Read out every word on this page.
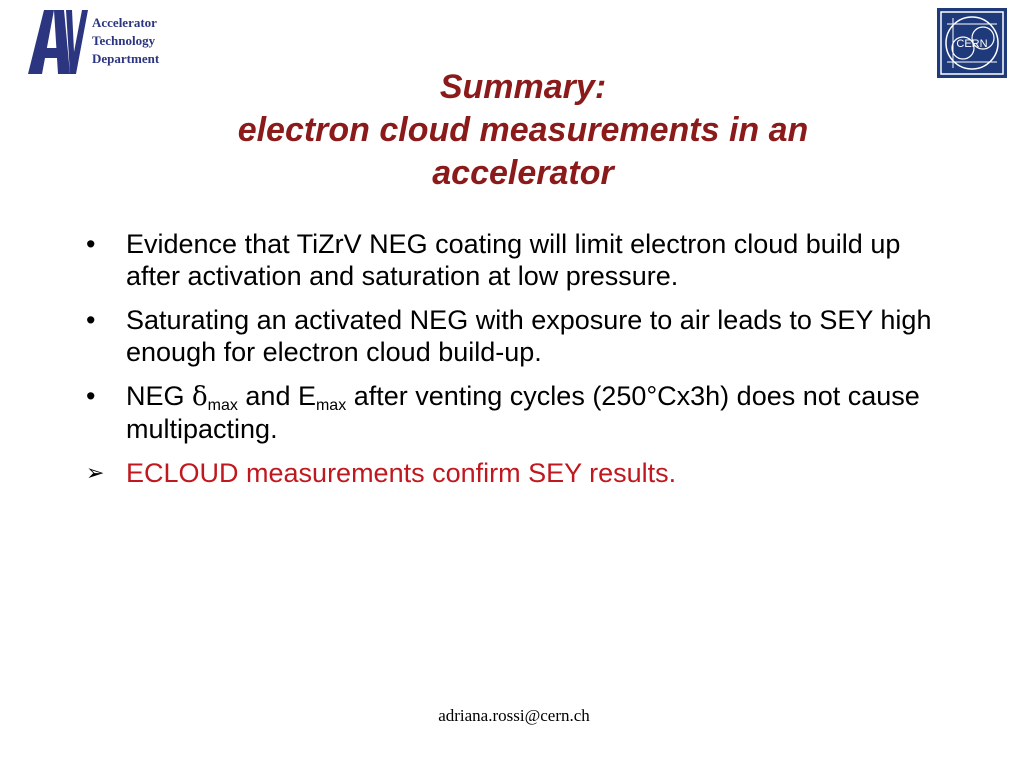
Accelerator
Technology
Department
CERN
Summary:
electron cloud measurements in an
accelerator
•	Evidence that TiZrV NEG coating will limit electron cloud build up after activation and saturation at low pressure.
•	Saturating an activated NEG with exposure to air leads to SEY high enough for electron cloud build-up.
•	NEG $\delta_{max}$ and $E_{max}$ after venting cycles (250°Cx3h) does not cause multipacting.
➢ ECLOUD measurements confirm SEY results.
adriana.rossi@cern.ch
